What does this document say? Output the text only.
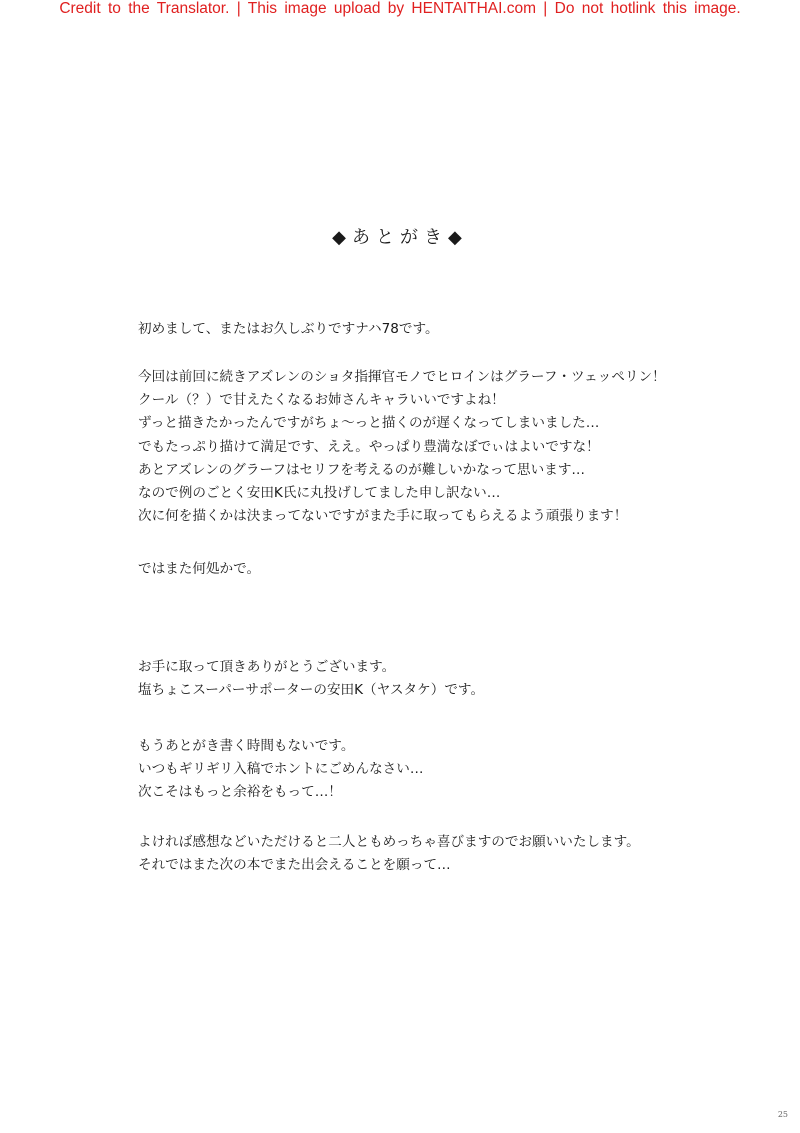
Credit to the Translator. | This image upload by HENTAITHAI.com | Do not hotlink this image.
◆あとがき◆
初めまして、またはお久しぶりですナハ78です。
今回は前回に続きアズレンのショタ指揮官モノでヒロインはグラーフ・ツェッペリン！
クール（？）で甘えたくなるお姉さんキャラいいですよね！
ずっと描きたかったんですがちょ～っと描くのが遅くなってしまいました…
でもたっぷり描けて満足です、ええ。やっぱり豊満なぼでぃはよいですな！
あとアズレンのグラーフはセリフを考えるのが難しいかなって思います…
なので例のごとく安田K氏に丸投げしてました申し訳ない…
次に何を描くかは決まってないですがまた手に取ってもらえるよう頑張ります！
ではまた何処かで。
お手に取って頂きありがとうございます。
塩ちょこスーパーサポーターの安田K（ヤスタケ）です。
もうあとがき書く時間もないです。
いつもギリギリ入稿でホントにごめんなさい…
次こそはもっと余裕をもって…！
よければ感想などいただけると二人ともめっちゃ喜びますのでお願いいたします。
それではまた次の本でまた出会えることを願って…
25
